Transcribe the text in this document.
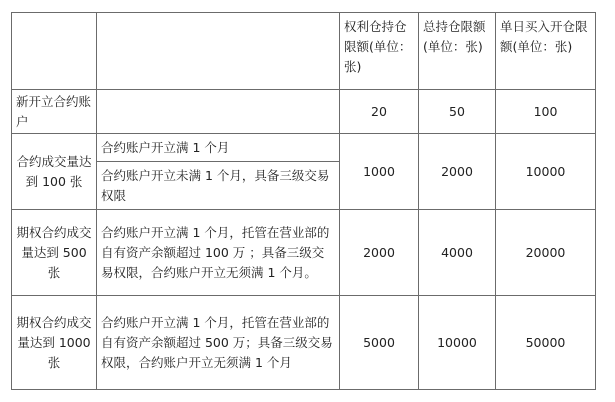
		权利仓持仓限额(单位：张)	总持仓限额(单位：张)	单日买入开仓限额(单位：张)
新开立合约账户		20	50	100
合约成交量达到 100 张	合约账户开立满 1 个月	1000	2000	10000
	合约账户开立未满 1 个月，具备三级交易权限			
期权合约成交量达到 500 张	合约账户开立满 1 个月，托管在营业部的自有资产余额超过 100 万 ；具备三级交易权限，合约账户开立无须满 1 个月。	2000	4000	20000
期权合约成交量达到 1000 张	合约账户开立满 1 个月，托管在营业部的自有资产余额超过 500 万；具备三级交易权限，合约账户开立无须满 1 个月	5000	10000	50000
